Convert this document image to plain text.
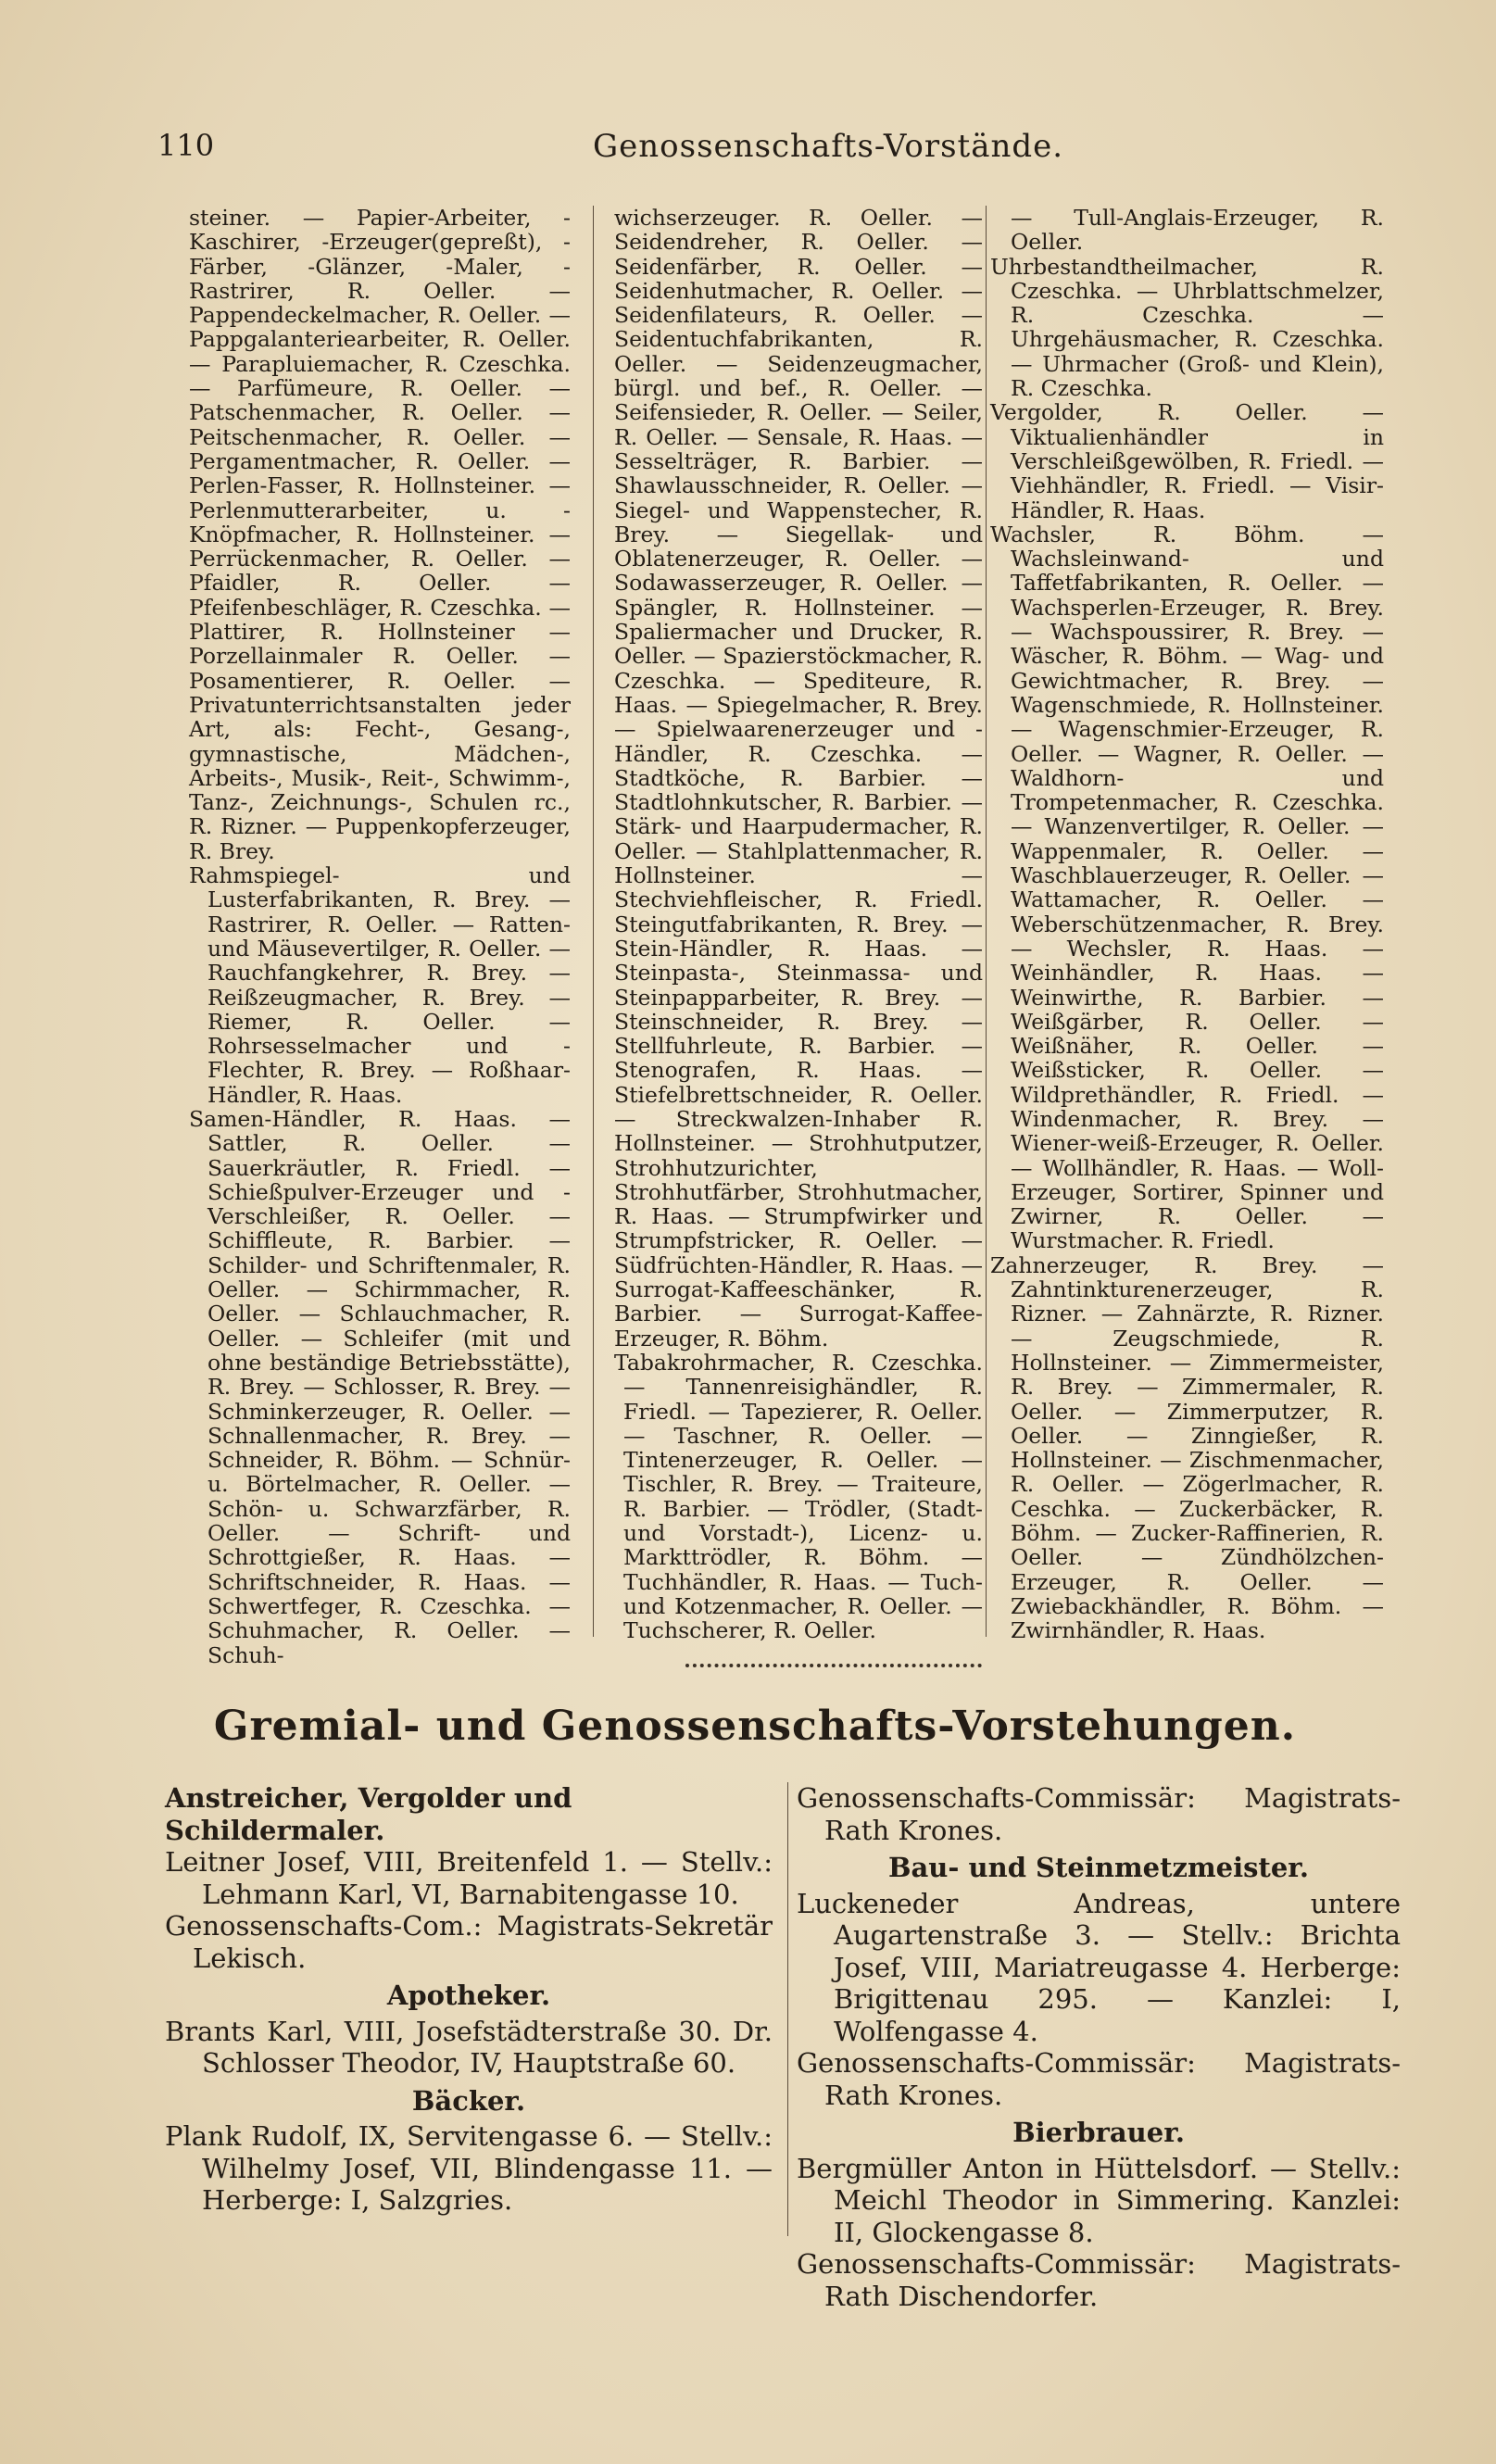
110	Genossenschafts-Vorstände.

steiner. — Papier-Arbeiter, -Kaschirer, -Erzeuger(gepreßt), -Färber, -Glänzer, -Maler, -Rastrirer, R. Oeller. — Pappendeckelmacher, R. Oeller. — Pappgalanteriearbeiter, R. Oeller. — Parapluiemacher, R. Czeschka. — Parfümeure, R. Oeller. — Patschenmacher, R. Oeller. — Peitschenmacher, R. Oeller. — Pergamentmacher, R. Oeller. — Perlen-Fasser, R. Hollnsteiner. — Perlenmutterarbeiter, u. -Knöpfmacher, R. Hollnsteiner. — Perrückenmacher, R. Oeller. — Pfaidler, R. Oeller. — Pfeifenbeschläger, R. Czeschka. — Plattirer, R. Hollnsteiner — Porzellainmaler R. Oeller. — Posamentierer, R. Oeller. — Privatunterrichtsanstalten jeder Art, als: Fecht-, Gesang-, gymnastische, Mädchen-, Arbeits-, Musik-, Reit-, Schwimm-, Tanz-, Zeichnungs-, Schulen rc., R. Rizner. — Puppenkopferzeuger, R. Brey.

Rahmspiegel- und Lusterfabrikanten, R. Brey. — Rastrirer, R. Oeller. — Ratten- und Mäusevertilger, R. Oeller. — Rauchfangkehrer, R. Brey. — Reißzeugmacher, R. Brey. — Riemer, R. Oeller. — Rohrsesselmacher und -Flechter, R. Brey. — Roßhaar-Händler, R. Haas.

Samen-Händler, R. Haas. — Sattler, R. Oeller. — Sauerkräutler, R. Friedl. — Schießpulver-Erzeuger und -Verschleißer, R. Oeller. — Schiffleute, R. Barbier. — Schilder- und Schriftenmaler, R. Oeller. — Schirmmacher, R. Oeller. — Schlauchmacher, R. Oeller. — Schleifer (mit und ohne beständige Betriebsstätte), R. Brey. — Schlosser, R. Brey. — Schminkerzeuger, R. Oeller. — Schnallenmacher, R. Brey. — Schneider, R. Böhm. — Schnür- u. Börtelmacher, R. Oeller. — Schön- u. Schwarzfärber, R. Oeller. — Schrift- und Schrottgießer, R. Haas. — Schriftschneider, R. Haas. — Schwertfeger, R. Czeschka. — Schuhmacher, R. Oeller. — Schuh-

wichserzeuger. R. Oeller. — Seidendreher, R. Oeller. — Seidenfärber, R. Oeller. — Seidenhutmacher, R. Oeller. — Seidenfilateurs, R. Oeller. — Seidentuchfabrikanten, R. Oeller. — Seidenzeugmacher, bürgl. und bef., R. Oeller. — Seifensieder, R. Oeller. — Seiler, R. Oeller. — Sensale, R. Haas. — Sesselträger, R. Barbier. — Shawlausschneider, R. Oeller. — Siegel- und Wappenstecher, R. Brey. — Siegellak- und Oblatenerzeuger, R. Oeller. — Sodawasserzeuger, R. Oeller. — Spängler, R. Hollnsteiner. — Spaliermacher und Drucker, R. Oeller. — Spazierstöckmacher, R. Czeschka. — Spediteure, R. Haas. — Spiegelmacher, R. Brey. — Spielwaarenerzeuger und -Händler, R. Czeschka. — Stadtköche, R. Barbier. — Stadtlohnkutscher, R. Barbier. — Stärk- und Haarpudermacher, R. Oeller. — Stahlplattenmacher, R. Hollnsteiner. — Stechviehfleischer, R. Friedl. Steingutfabrikanten, R. Brey. — Stein-Händler, R. Haas. — Steinpasta-, Steinmassa- und Steinpapparbeiter, R. Brey. — Steinschneider, R. Brey. — Stellfuhrleute, R. Barbier. — Stenografen, R. Haas. — Stiefelbrettschneider, R. Oeller. — Streckwalzen-Inhaber R. Hollnsteiner. — Strohhutputzer, Strohhutzurichter, Strohhutfärber, Strohhutmacher, R. Haas. — Strumpfwirker und Strumpfstricker, R. Oeller. — Südfrüchten-Händler, R. Haas. — Surrogat-Kaffeeschänker, R. Barbier. — Surrogat-Kaffee-Erzeuger, R. Böhm.

Tabakrohrmacher, R. Czeschka. — Tannenreisighändler, R. Friedl. — Tapezierer, R. Oeller. — Taschner, R. Oeller. — Tintenerzeuger, R. Oeller. — Tischler, R. Brey. — Traiteure, R. Barbier. — Trödler, (Stadt- und Vorstadt-), Licenz- u. Markttrödler, R. Böhm. — Tuchhändler, R. Haas. — Tuch- und Kotzenmacher, R. Oeller. — Tuchscherer, R. Oeller.

— Tull-Anglais-Erzeuger, R. Oeller.

Uhrbestandtheilmacher, R. Czeschka. — Uhrblattschmelzer, R. Czeschka. — Uhrgehäusmacher, R. Czeschka. — Uhrmacher (Groß- und Klein), R. Czeschka.

Vergolder, R. Oeller. — Viktualienhändler in Verschleißgewölben, R. Friedl. — Viehhändler, R. Friedl. — Visir-Händler, R. Haas.

Wachsler, R. Böhm. — Wachsleinwand- und Taffetfabrikanten, R. Oeller. — Wachsperlen-Erzeuger, R. Brey. — Wachspoussirer, R. Brey. — Wäscher, R. Böhm. — Wag- und Gewichtmacher, R. Brey. — Wagenschmiede, R. Hollnsteiner. — Wagenschmier-Erzeuger, R. Oeller. — Wagner, R. Oeller. — Waldhorn- und Trompetenmacher, R. Czeschka. — Wanzenvertilger, R. Oeller. — Wappenmaler, R. Oeller. — Waschblauerzeuger, R. Oeller. — Wattamacher, R. Oeller. — Weberschützenmacher, R. Brey. — Wechsler, R. Haas. — Weinhändler, R. Haas. — Weinwirthe, R. Barbier. — Weißgärber, R. Oeller. — Weißnäher, R. Oeller. — Weißsticker, R. Oeller. — Wildprethändler, R. Friedl. — Windenmacher, R. Brey. — Wiener-weiß-Erzeuger, R. Oeller. — Wollhändler, R. Haas. — Woll-Erzeuger, Sortirer, Spinner und Zwirner, R. Oeller. — Wurstmacher. R. Friedl.

Zahnerzeuger, R. Brey. — Zahntinkturenerzeuger, R. Rizner. — Zahnärzte, R. Rizner. — Zeugschmiede, R. Hollnsteiner. — Zimmermeister, R. Brey. — Zimmermaler, R. Oeller. — Zimmerputzer, R. Oeller. — Zinngießer, R. Hollnsteiner. — Zischmenmacher, R. Oeller. — Zögerlmacher, R. Ceschka. — Zuckerbäcker, R. Böhm. — Zucker-Raffinerien, R. Oeller. — Zündhölzchen-Erzeuger, R. Oeller. — Zwiebackhändler, R. Böhm. — Zwirnhändler, R. Haas.

Gremial- und Genossenschafts-Vorstehungen.

Anstreicher, Vergolder und Schildermaler.

Leitner Josef, VIII, Breitenfeld 1. — Stellv.: Lehmann Karl, VI, Barnabitengasse 10.

Genossenschafts-Com.: Magistrats-Sekretär Lekisch.

Apotheker.

Brants Karl, VIII, Josefstädterstraße 30. Dr. Schlosser Theodor, IV, Hauptstraße 60.

Bäcker.

Plank Rudolf, IX, Servitengasse 6. — Stellv.: Wilhelmy Josef, VII, Blindengasse 11. — Herberge: I, Salzgries.

Genossenschafts-Commissär: Magistrats-Rath Krones.

Bau- und Steinmetzmeister.

Luckeneder Andreas, untere Augartenstraße 3. — Stellv.: Brichta Josef, VIII, Mariatreugasse 4. Herberge: Brigittenau 295. — Kanzlei: I, Wolfengasse 4.

Genossenschafts-Commissär: Magistrats-Rath Krones.

Bierbrauer.

Bergmüller Anton in Hüttelsdorf. — Stellv.: Meichl Theodor in Simmering. Kanzlei: II, Glockengasse 8.

Genossenschafts-Commissär: Magistrats-Rath Dischendorfer.
